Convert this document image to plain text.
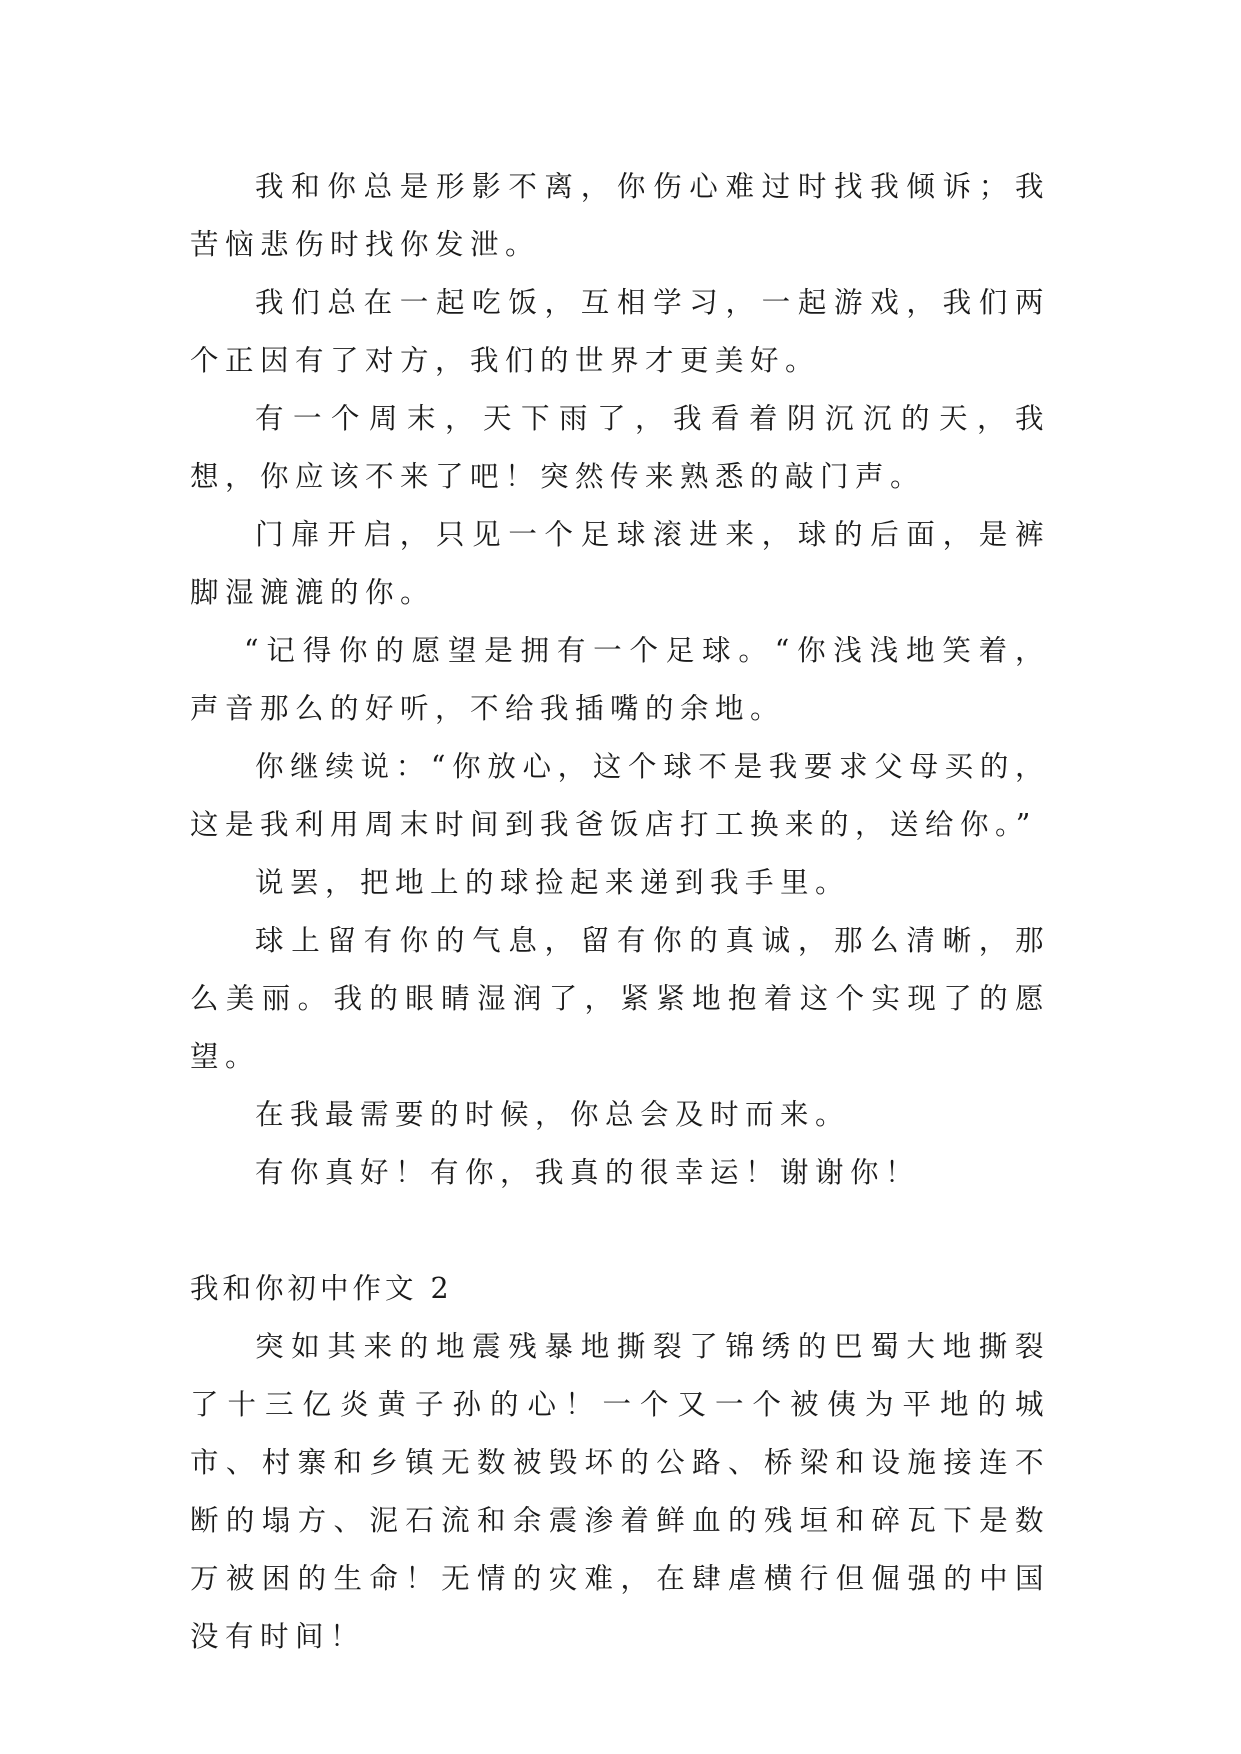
我和你总是形影不离，你伤心难过时找我倾诉；我苦恼悲伤时找你发泄。

我们总在一起吃饭，互相学习，一起游戏，我们两个正因有了对方，我们的世界才更美好。

有一个周末，天下雨了，我看着阴沉沉的天，我想，你应该不来了吧！突然传来熟悉的敲门声。

门扉开启，只见一个足球滚进来，球的后面，是裤脚湿漉漉的你。

“记得你的愿望是拥有一个足球。“你浅浅地笑着，声音那么的好听，不给我插嘴的余地。

你继续说：“你放心，这个球不是我要求父母买的，这是我利用周末时间到我爸饭店打工换来的，送给你。”

说罢，把地上的球捡起来递到我手里。

球上留有你的气息，留有你的真诚，那么清晰，那么美丽。我的眼睛湿润了，紧紧地抱着这个实现了的愿望。

在我最需要的时候，你总会及时而来。

有你真好！有你，我真的很幸运！谢谢你！

我和你初中作文 2

突如其来的地震残暴地撕裂了锦绣的巴蜀大地撕裂了十三亿炎黄子孙的心！一个又一个被侇为平地的城市、村寨和乡镇无数被毁坏的公路、桥梁和设施接连不断的塌方、泥石流和余震渗着鲜血的残垣和碎瓦下是数万被困的生命！无情的灾难，在肆虐横行但倔强的中国没有时间！
